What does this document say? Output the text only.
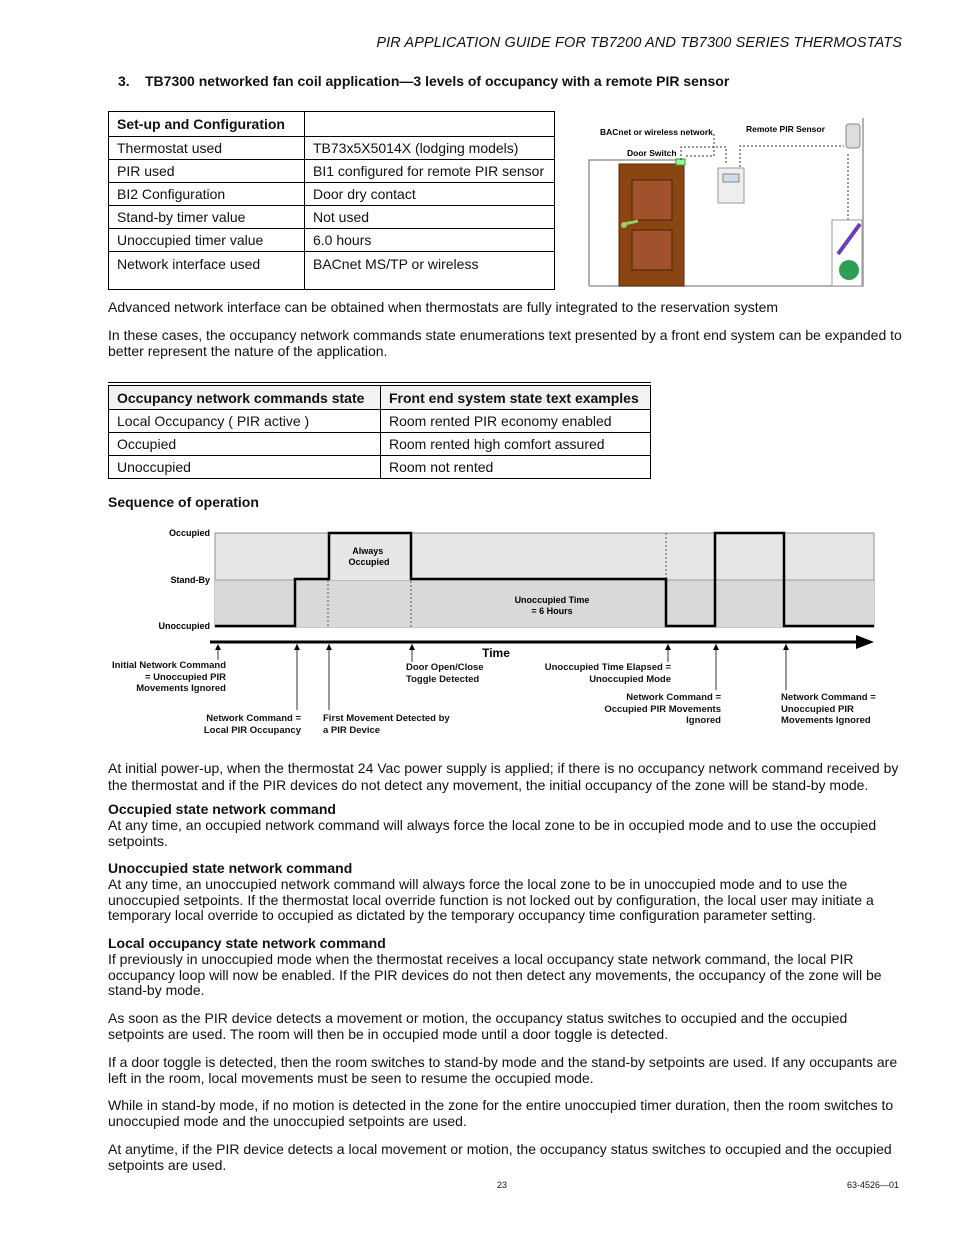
PIR APPLICATION GUIDE FOR TB7200 AND TB7300 SERIES THERMOSTATS
3. TB7300 networked fan coil application—3 levels of occupancy with a remote PIR sensor
Set-up and Configuration	
Thermostat used	TB73x5X5014X (lodging models)
PIR used	BI1 configured for remote PIR sensor
BI2 Configuration	Door dry contact
Stand-by timer value	Not used
Unoccupied timer value	6.0 hours
Network interface used	BACnet MS/TP or wireless
BACnet or wireless network	Remote PIR Sensor
Door Switch
Advanced network interface can be obtained when thermostats are fully integrated to the reservation system
In these cases, the occupancy network commands state enumerations text presented by a front end system can be expanded to better represent the nature of the application.
Occupancy network commands state	Front end system state text examples
Local Occupancy ( PIR active )	Room rented PIR economy enabled
Occupied	Room rented high comfort assured
Unoccupied	Room not rented
Sequence of operation
Always Occupied
Unoccupied Time = 6 Hours
Occupied
Stand-By
Unoccupied
Time
Initial Network Command = Unoccupied PIR Movements Ignored
Network Command = Local PIR Occupancy
First Movement Detected by a PIR Device
Door Open/Close Toggle Detected
Unoccupied Time Elapsed = Unoccupied Mode
Network Command = Occupied PIR Movements Ignored
Network Command = Unoccupied PIR Movements Ignored
At initial power-up, when the thermostat 24 Vac power supply is applied; if there is no occupancy network command received by the thermostat and if the PIR devices do not detect any movement, the initial occupancy of the zone will be stand-by mode.
Occupied state network command
At any time, an occupied network command will always force the local zone to be in occupied mode and to use the occupied setpoints.
Unoccupied state network command
At any time, an unoccupied network command will always force the local zone to be in unoccupied mode and to use the unoccupied setpoints. If the thermostat local override function is not locked out by configuration, the local user may initiate a temporary local override to occupied as dictated by the temporary occupancy time configuration parameter setting.
Local occupancy state network command
If previously in unoccupied mode when the thermostat receives a local occupancy state network command, the local PIR occupancy loop will now be enabled. If the PIR devices do not then detect any movements, the occupancy of the zone will be stand-by mode.
As soon as the PIR device detects a movement or motion, the occupancy status switches to occupied and the occupied setpoints are used. The room will then be in occupied mode until a door toggle is detected.
If a door toggle is detected, then the room switches to stand-by mode and the stand-by setpoints are used. If any occupants are left in the room, local movements must be seen to resume the occupied mode.
While in stand-by mode, if no motion is detected in the zone for the entire unoccupied timer duration, then the room switches to unoccupied mode and the unoccupied setpoints are used.
At anytime, if the PIR device detects a local movement or motion, the occupancy status switches to occupied and the occupied setpoints are used.
23	63-4526—01
